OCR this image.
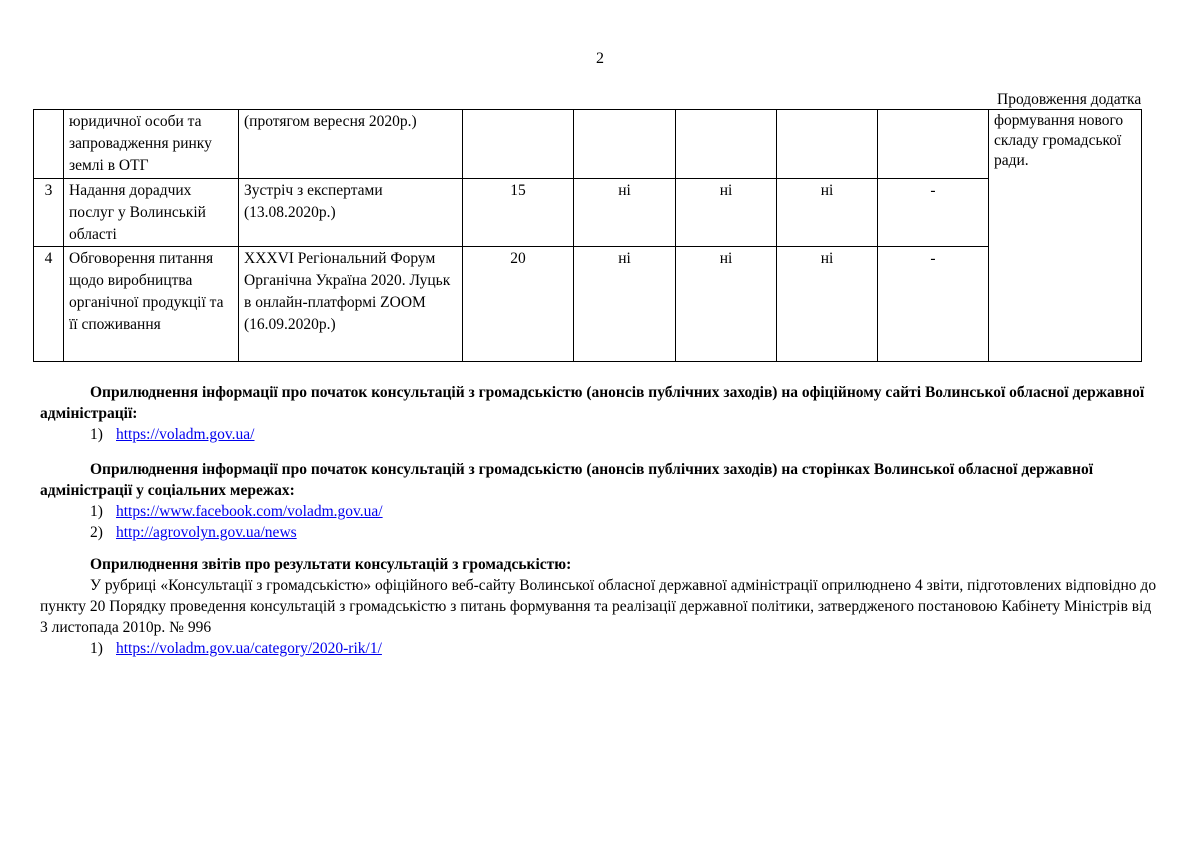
2
Продовження додатка
	юридичної особи та запровадження ринку землі в ОТГ	(протягом вересня 2020р.)						формування нового складу громадської ради.
3	Надання дорадчих послуг у Волинській області	Зустріч з експертами (13.08.2020р.)	15	ні	ні	ні	-	
4	Обговорення питання щодо виробництва органічної продукції та її споживання	XXXVI Регіональний Форум Органічна Україна 2020. Луцьк в онлайн-платформі ZOOM (16.09.2020р.)	20	ні	ні	ні	-	
Оприлюднення інформації про початок консультацій з громадськістю (анонсів публічних заходів) на офіційному сайті Волинської обласної державної адміністрації:
1) https://voladm.gov.ua/
Оприлюднення інформації про початок консультацій з громадськістю (анонсів публічних заходів) на сторінках Волинської обласної державної адміністрації у соціальних мережах:
1) https://www.facebook.com/voladm.gov.ua/
2) http://agrovolyn.gov.ua/news
Оприлюднення звітів про результати консультацій з громадськістю:

У рубриці «Консультації з громадськістю» офіційного веб-сайту Волинської обласної державної адміністрації оприлюднено 4 звіти, підготовлених відповідно до пункту 20 Порядку проведення консультацій з громадськістю з питань формування та реалізації державної політики, затвердженого постановою Кабінету Міністрів від 3 листопада 2010р. № 996

1) https://voladm.gov.ua/category/2020-rik/1/
